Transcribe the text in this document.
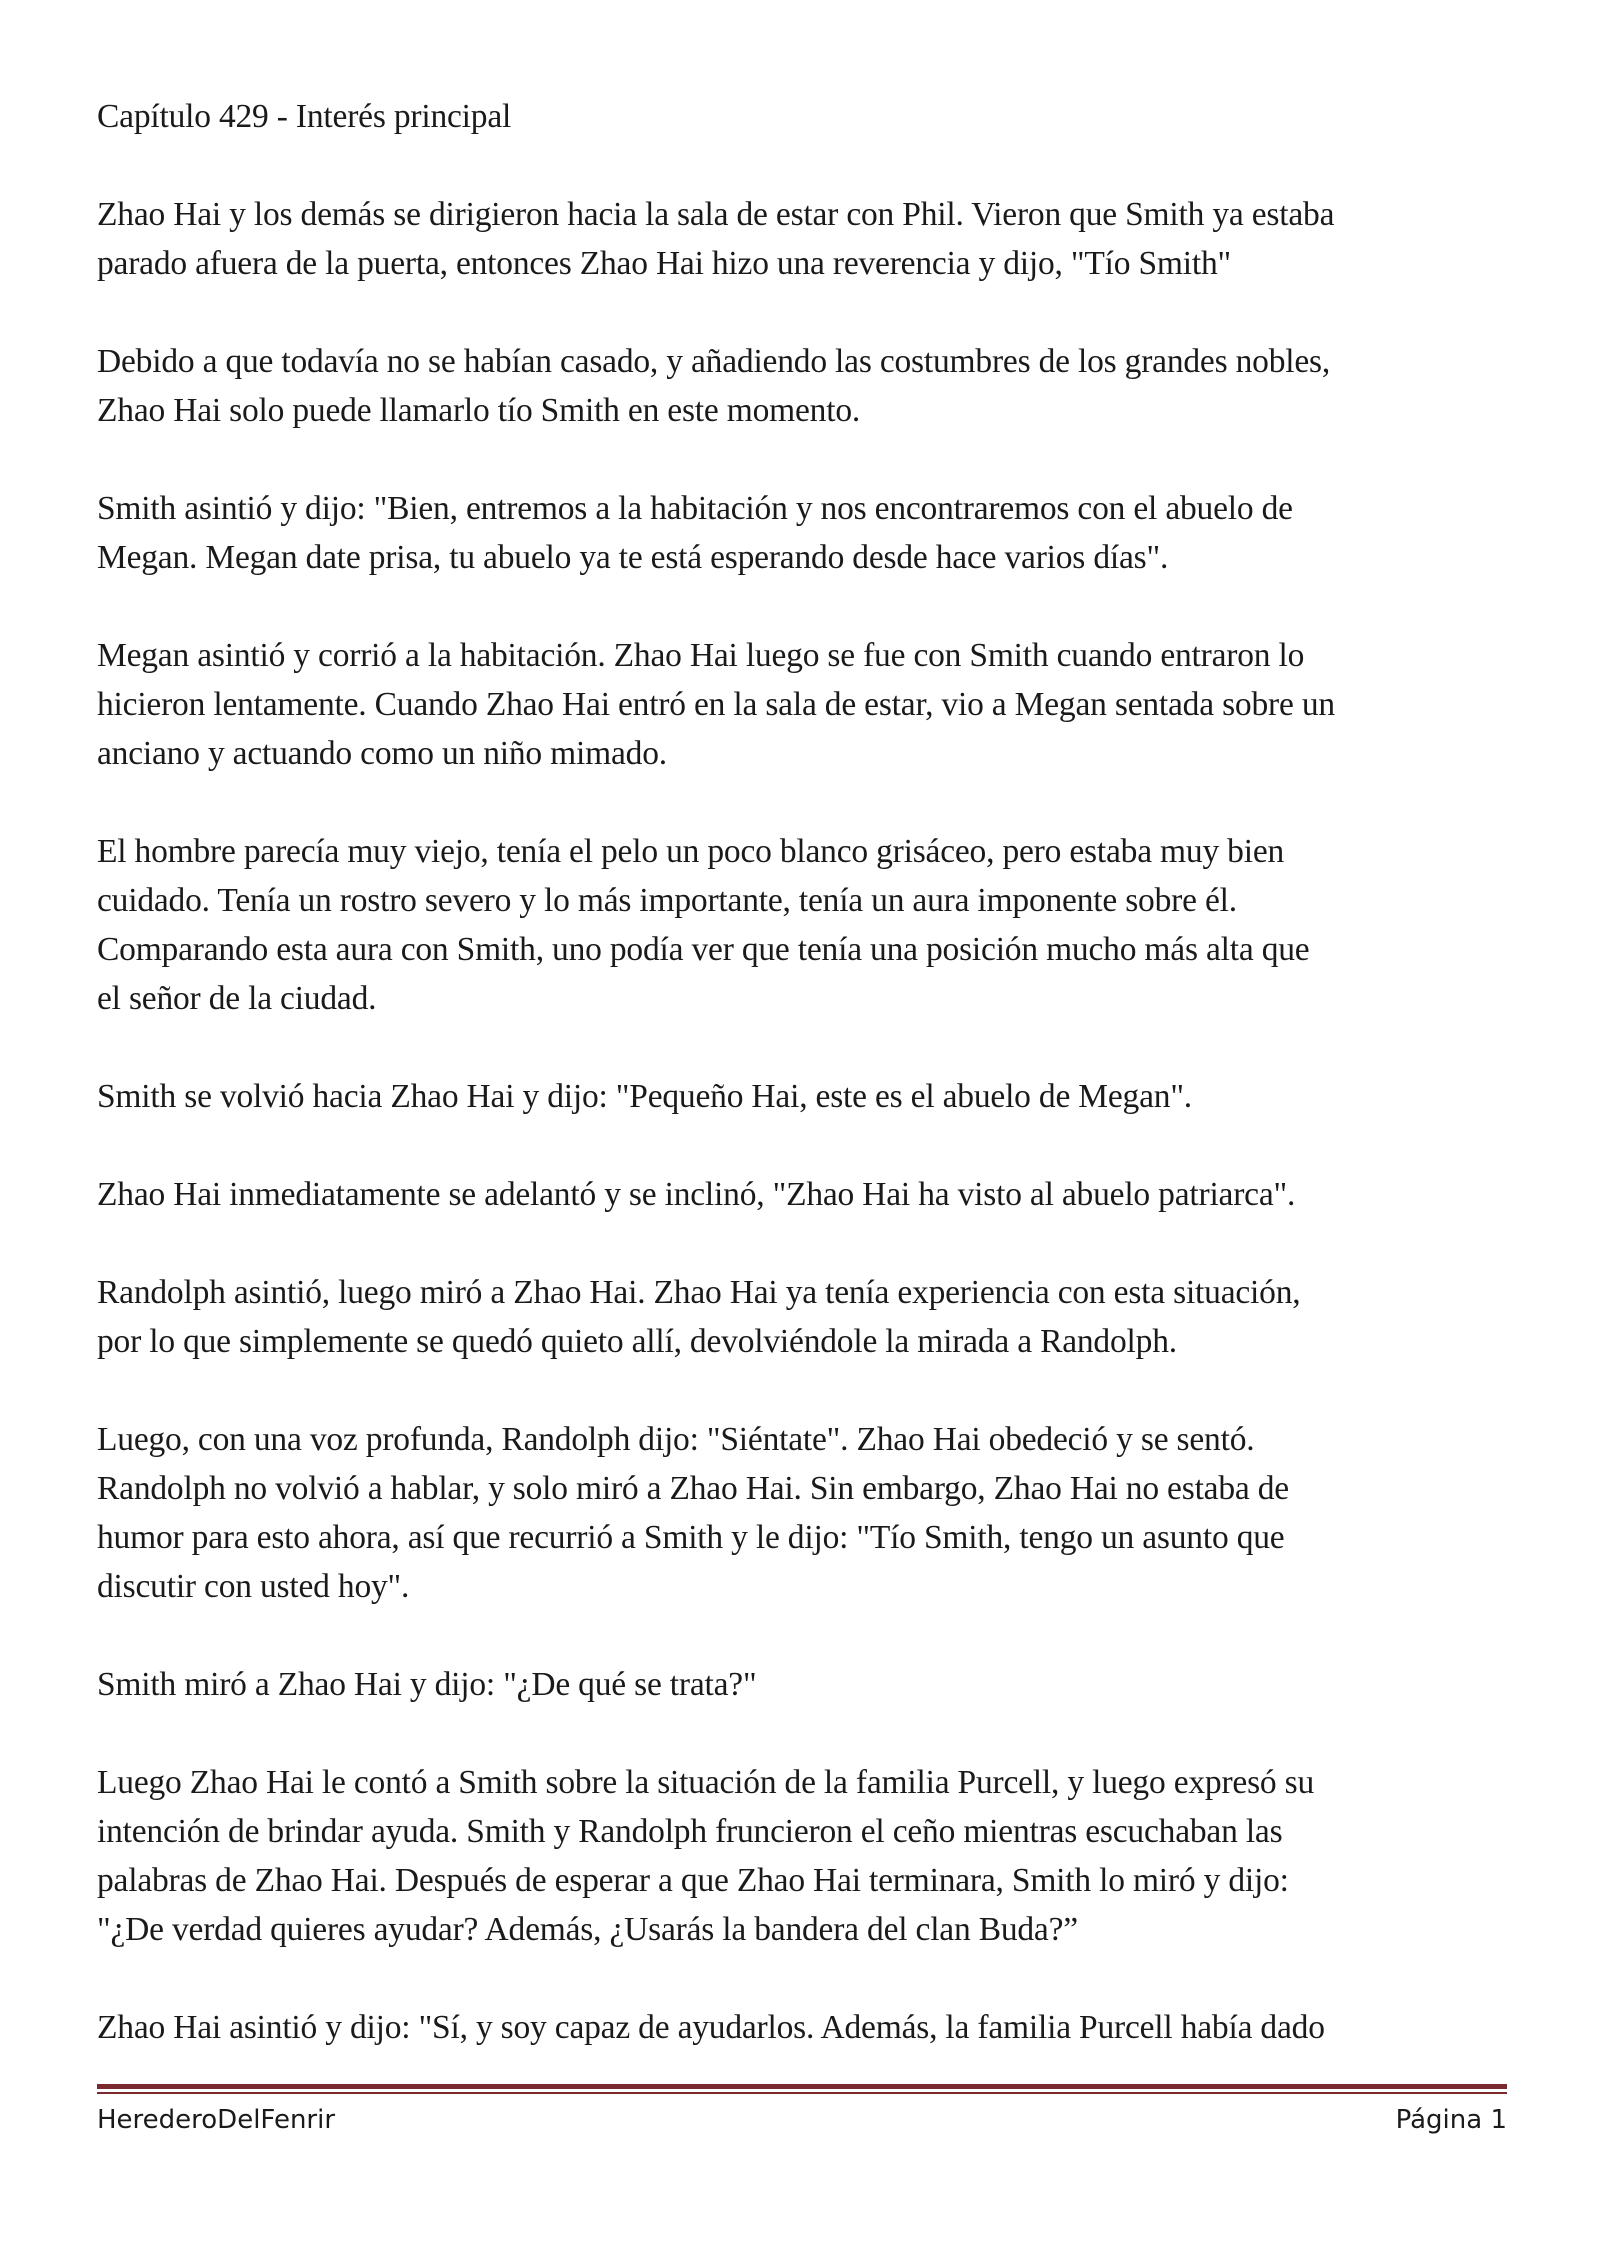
Capítulo 429 - Interés principal

Zhao Hai y los demás se dirigieron hacia la sala de estar con Phil. Vieron que Smith ya estaba
parado afuera de la puerta, entonces Zhao Hai hizo una reverencia y dijo, "Tío Smith"

Debido a que todavía no se habían casado, y añadiendo las costumbres de los grandes nobles,
Zhao Hai solo puede llamarlo tío Smith en este momento.

Smith asintió y dijo: "Bien, entremos a la habitación y nos encontraremos con el abuelo de
Megan. Megan date prisa, tu abuelo ya te está esperando desde hace varios días".

Megan asintió y corrió a la habitación. Zhao Hai luego se fue con Smith cuando entraron lo
hicieron lentamente. Cuando Zhao Hai entró en la sala de estar, vio a Megan sentada sobre un
anciano y actuando como un niño mimado.

El hombre parecía muy viejo, tenía el pelo un poco blanco grisáceo, pero estaba muy bien
cuidado. Tenía un rostro severo y lo más importante, tenía un aura imponente sobre él.
Comparando esta aura con Smith, uno podía ver que tenía una posición mucho más alta que
el señor de la ciudad.

Smith se volvió hacia Zhao Hai y dijo: "Pequeño Hai, este es el abuelo de Megan".

Zhao Hai inmediatamente se adelantó y se inclinó, "Zhao Hai ha visto al abuelo patriarca".

Randolph asintió, luego miró a Zhao Hai. Zhao Hai ya tenía experiencia con esta situación,
por lo que simplemente se quedó quieto allí, devolviéndole la mirada a Randolph.

Luego, con una voz profunda, Randolph dijo: "Siéntate". Zhao Hai obedeció y se sentó.
Randolph no volvió a hablar, y solo miró a Zhao Hai. Sin embargo, Zhao Hai no estaba de
humor para esto ahora, así que recurrió a Smith y le dijo: "Tío Smith, tengo un asunto que
discutir con usted hoy".

Smith miró a Zhao Hai y dijo: "¿De qué se trata?"

Luego Zhao Hai le contó a Smith sobre la situación de la familia Purcell, y luego expresó su
intención de brindar ayuda. Smith y Randolph fruncieron el ceño mientras escuchaban las
palabras de Zhao Hai. Después de esperar a que Zhao Hai terminara, Smith lo miró y dijo:
"¿De verdad quieres ayudar? Además, ¿Usarás la bandera del clan Buda?”

Zhao Hai asintió y dijo: "Sí, y soy capaz de ayudarlos. Además, la familia Purcell había dado

HerederoDelFenrir	Página 1
